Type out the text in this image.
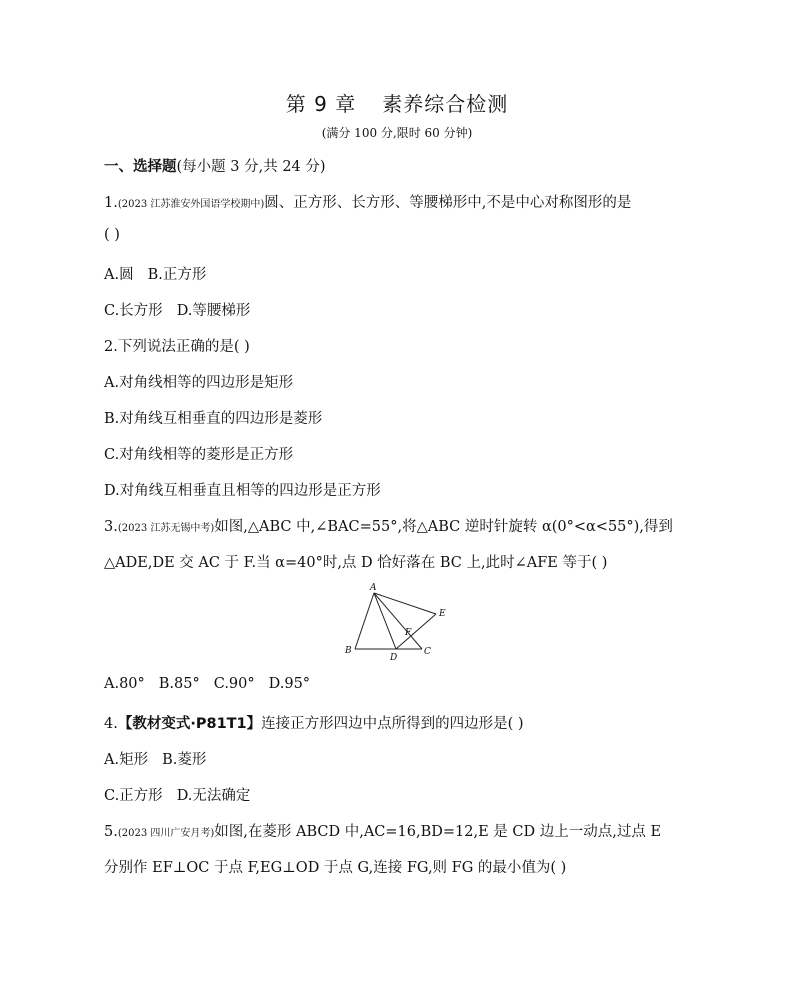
第 9 章 素养综合检测
(满分 100 分,限时 60 分钟)
一、选择题(每小题 3 分,共 24 分)
1.(2023 江苏淮安外国语学校期中)圆、正方形、长方形、等腰梯形中,不是中心对称图形的是
( )
A.圆 B.正方形
C.长方形 D.等腰梯形
2.下列说法正确的是( )
A.对角线相等的四边形是矩形
B.对角线互相垂直的四边形是菱形
C.对角线相等的菱形是正方形
D.对角线互相垂直且相等的四边形是正方形
3.(2023 江苏无锡中考)如图,△ABC 中,∠BAC=55°,将△ABC 逆时针旋转 α(0°<α<55°),得到
△ADE,DE 交 AC 于 F.当 α=40°时,点 D 恰好落在 BC 上,此时∠AFE 等于( )
A
B	C
D
E
F
A.80° B.85° C.90° D.95°
4.【教材变式·P81T1】连接正方形四边中点所得到的四边形是( )
A.矩形 B.菱形
C.正方形 D.无法确定
5.(2023 四川广安月考)如图,在菱形 ABCD 中,AC=16,BD=12,E 是 CD 边上一动点,过点 E
分别作 EF⊥OC 于点 F,EG⊥OD 于点 G,连接 FG,则 FG 的最小值为( )
